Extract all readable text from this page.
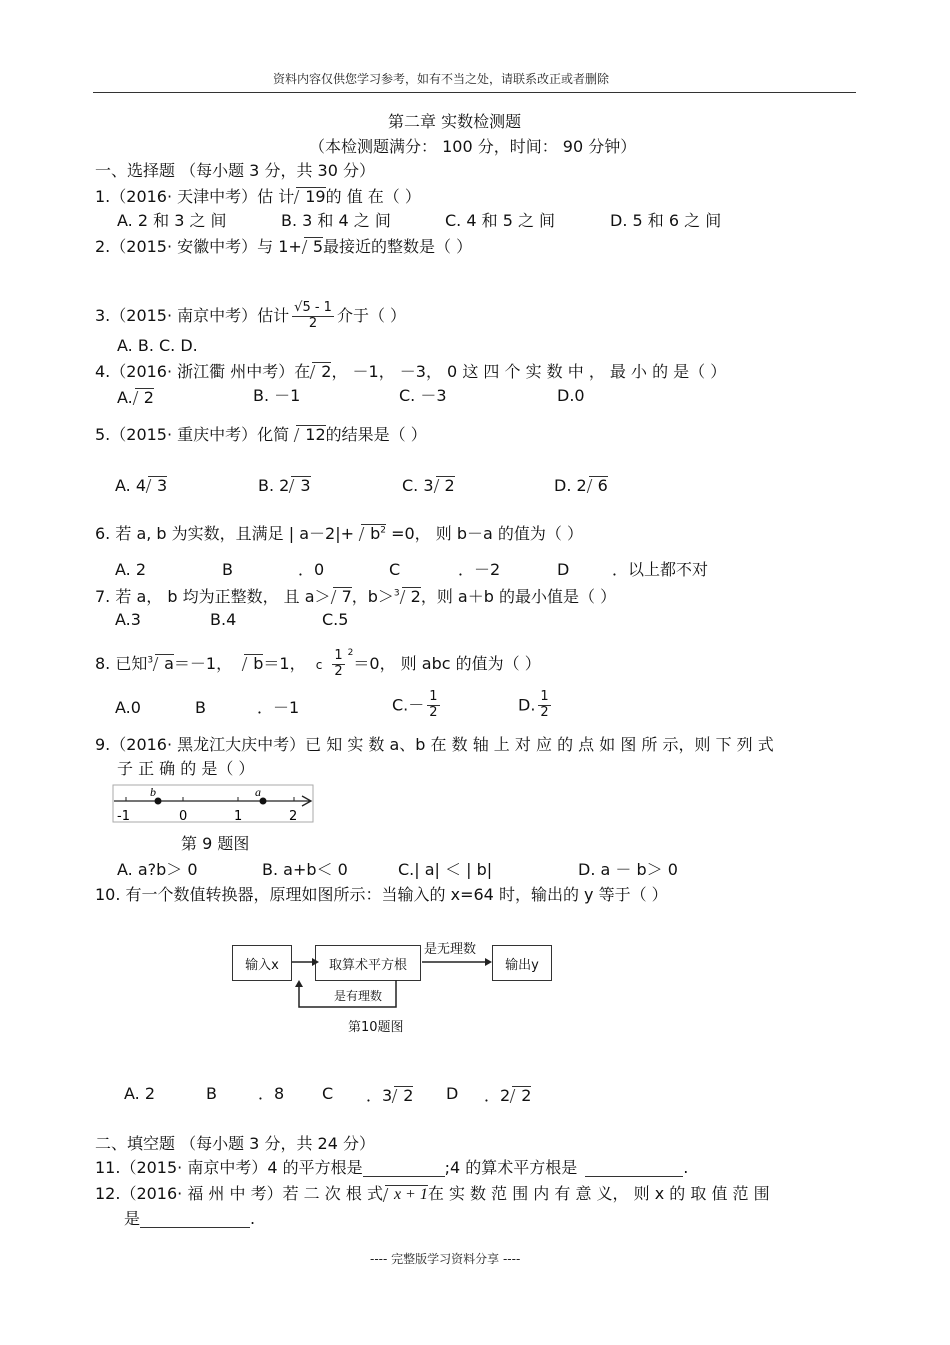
资料内容仅供您学习参考，如有不当之处，请联系改正或者删除
第二章 实数检测题
（本检测题满分： 100 分，时间： 90 分钟）
一、选择题 （每小题 3 分，共 30 分）
1.（2016· 天津中考）估 计 19的 值 在（ ）
A. 2 和 3 之 间	B. 3 和 4 之 间	C. 4 和 5 之 间	D. 5 和 6 之 间
2.（2015· 安徽中考）与 1+ 5最接近的整数是（ ）
3.（2015· 南京中考）估计 $\frac{√5 - 1}{2}$ 介于（ ）
A. B. C. D.
4.（2016· 浙江衢 州中考）在 2， －1， －3， 0 这 四 个 实 数 中 ， 最 小 的 是（ ）
A. 2	B. －1	C. －3	D.0
5.（2015· 重庆中考）化简 12的结果是（ ）
A. 4 3	B. 2 3	C. 3 2	D. 2 6
6. 若 a, b 为实数，且满足 | $a-2|+ b^2 =0$， 则 b－a 的值为（ ）
A. 2	B	．0	C	．－2	D	．以上都不对
7. 若 a， b 均为正整数， 且 a＞ 7，b＞$^3$ 2，则 a＋b 的最小值是（ ）
A.3	B.4	C.5
8. 已知$^3$ a＝－1， b＝1， c $\frac{1}{2} ^2=0$， 则 abc 的值为（ ）
A.0	B	．－1	$C.- \frac{1}{2}$	D. $\frac{1}{2}$
9.（2016· 黑龙江大庆中考）已 知 实 数 a、b 在 数 轴 上 对 应 的 点 如 图 所 示，则 下 列 式
子 正 确 的 是（ ）
b	a
-1	0	1	2
第 9 题图
A. a?b＞ 0	B. a+b＜ 0	C.| a| ＜ | b|	D. a － b＞ 0
10. 有一个数值转换器，原理如图所示：当输入的 x=64 时，输出的 y 等于（ ）
输入x	取算术平方根	输出y
是无理数
是有理数
第10题图
A. 2	B	．8 C ．3 2 D ．2 2
二、填空题 （每小题 3 分，共 24 分）
11.（2015· 南京中考）4 的平方根是	;4 的算术平方根是	.
12.（2016· 福 州 中 考）若 二 次 根 式 x + 1在 实 数 范 围 内 有 意 义， 则 x 的 取 值 范 围
是	.
---- 完整版学习资料分享 ----
